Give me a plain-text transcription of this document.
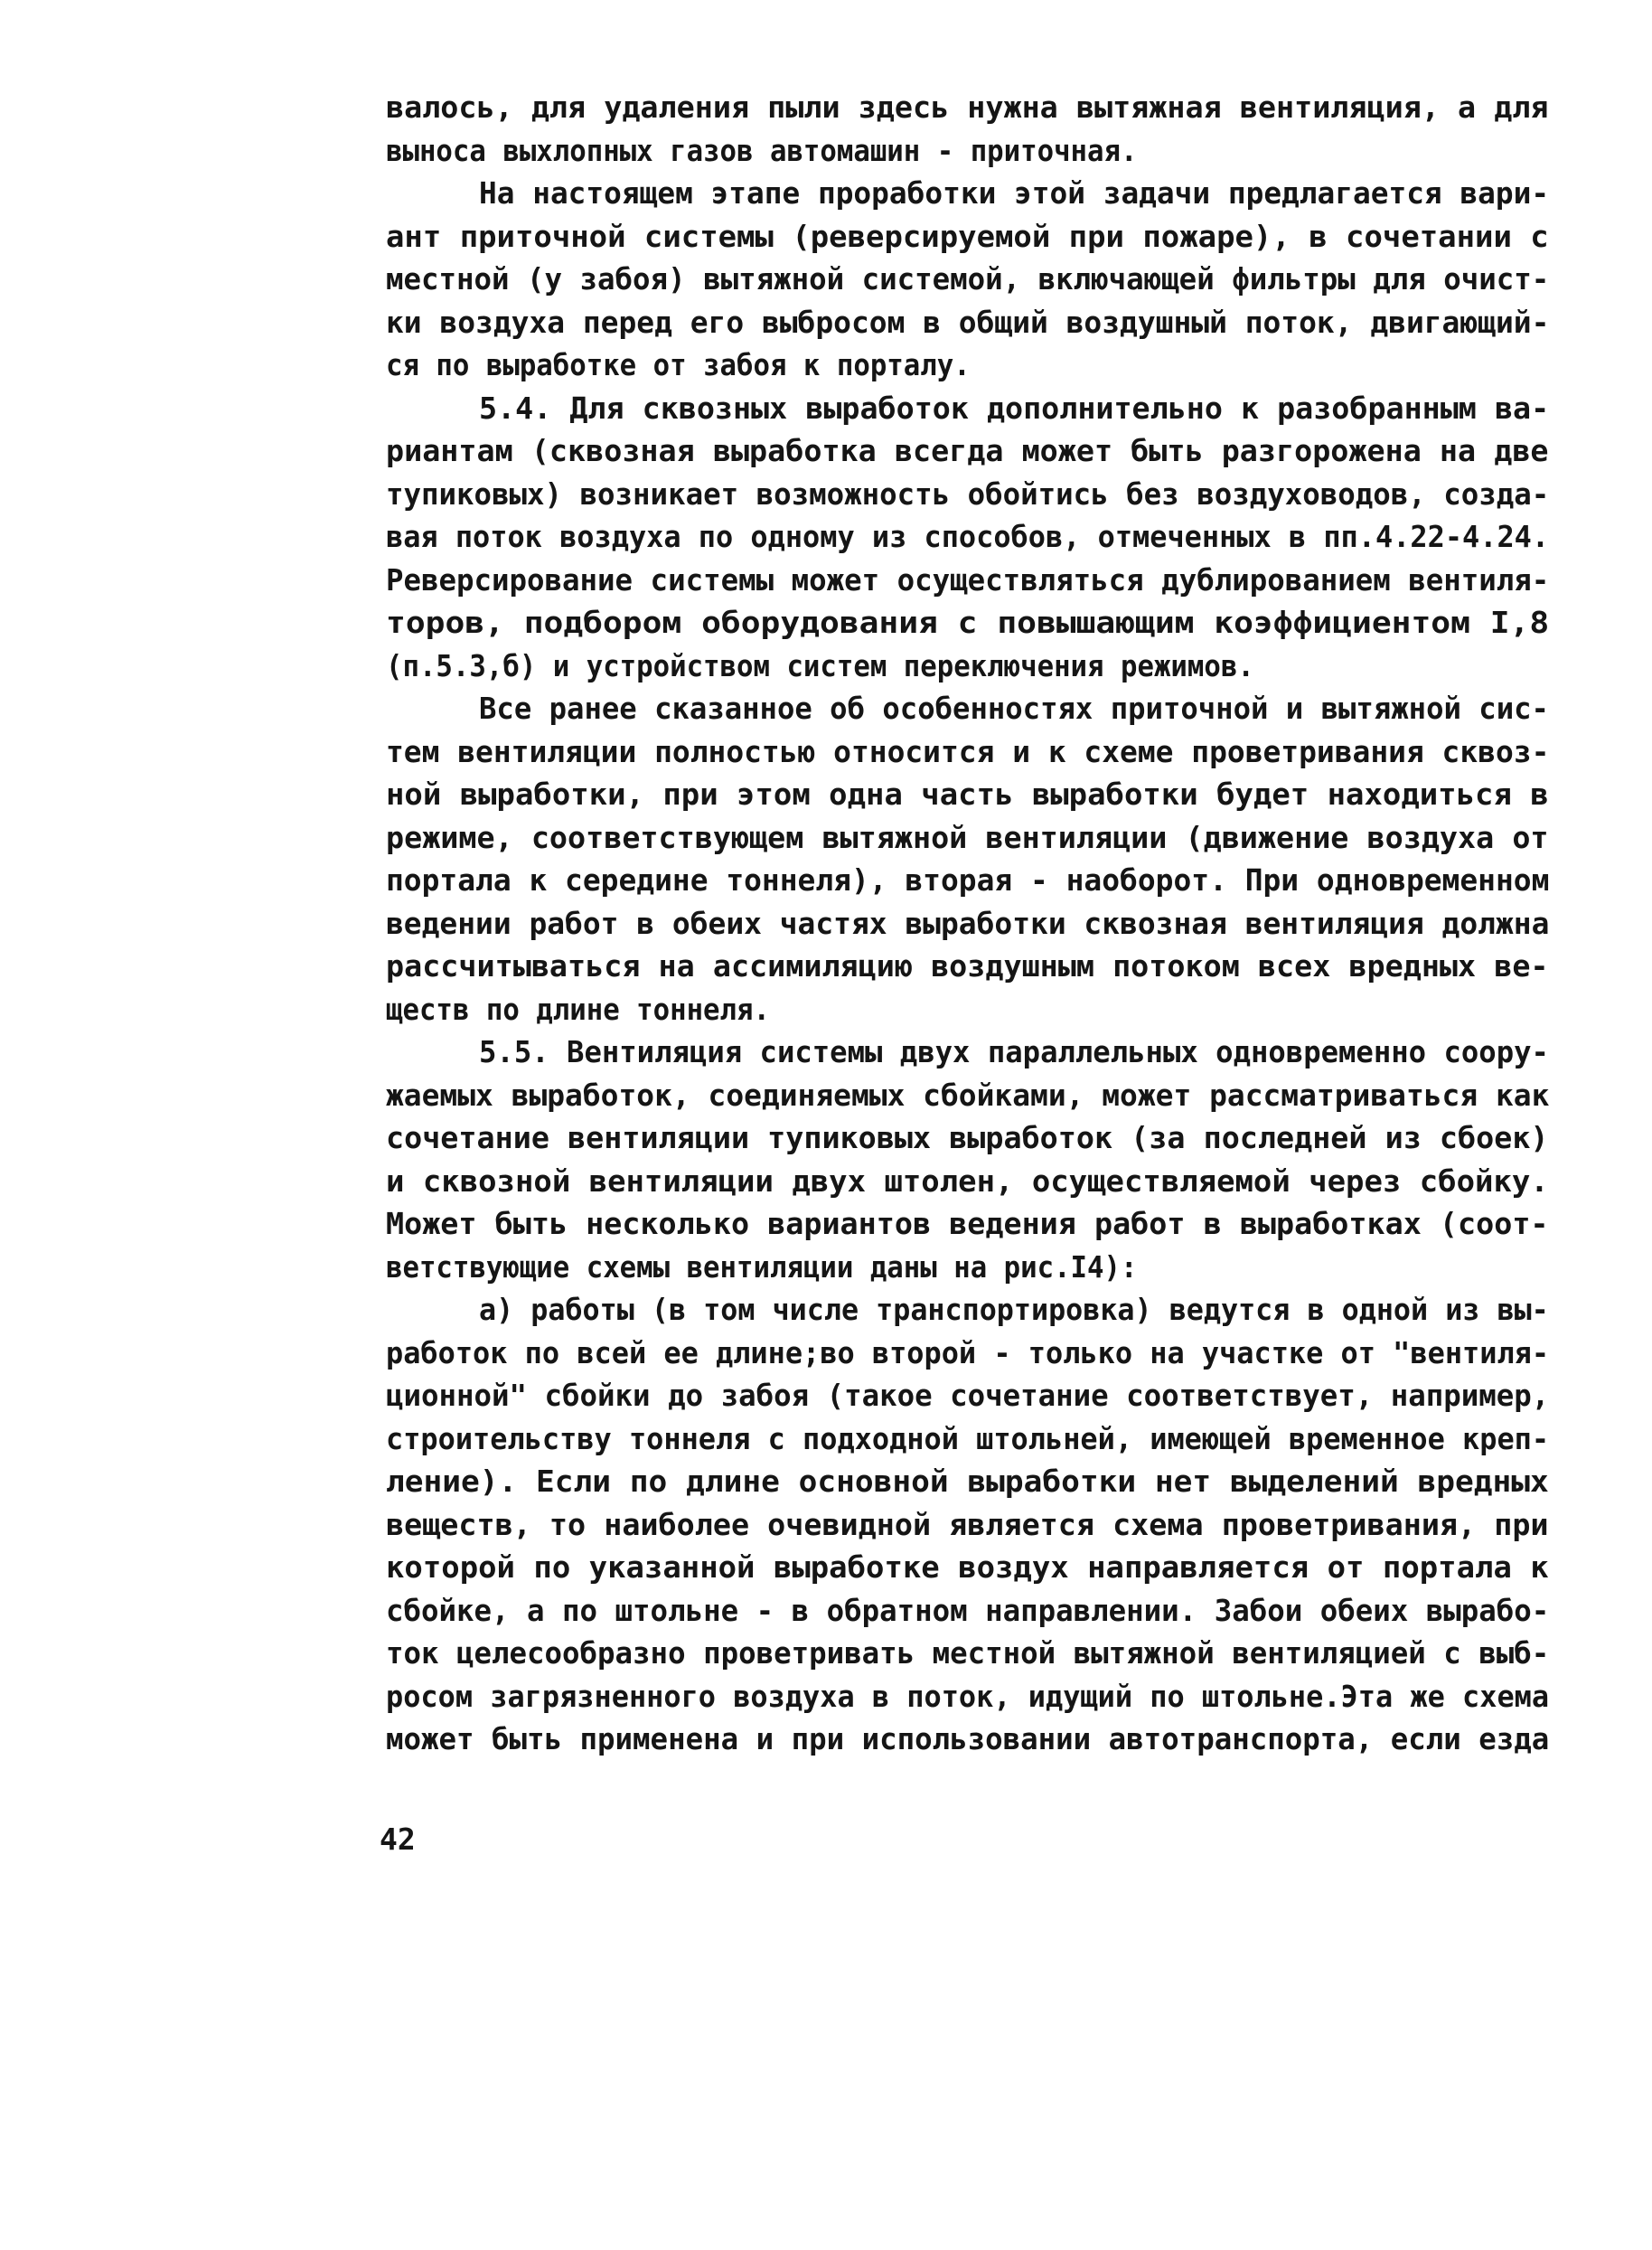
валось, для удаления пыли здесь нужна вытяжная вентиляция, а для
выноса выхлопных газов автомашин - приточная.
На настоящем этапе проработки этой задачи предлагается вари-
ант приточной системы (реверсируемой при пожаре), в сочетании с
местной (у забоя) вытяжной системой, включающей фильтры для очист-
ки воздуха перед его выбросом в общий воздушный поток, двигающий-
ся по выработке от забоя к порталу.
5.4. Для сквозных выработок дополнительно к разобранным ва-
риантам (сквозная выработка всегда может быть разгорожена на две
тупиковых) возникает возможность обойтись без воздуховодов, созда-
вая поток воздуха по одному из способов, отмеченных в пп.4.22-4.24.
Реверсирование системы может осуществляться дублированием вентиля-
торов, подбором оборудования с повышающим коэффициентом I,8
(п.5.3,б) и устройством систем переключения режимов.
Все ранее сказанное об особенностях приточной и вытяжной сис-
тем вентиляции полностью относится и к схеме проветривания сквоз-
ной выработки, при этом одна часть выработки будет находиться в
режиме, соответствующем вытяжной вентиляции (движение воздуха от
портала к середине тоннеля), вторая - наоборот. При одновременном
ведении работ в обеих частях выработки сквозная вентиляция должна
рассчитываться на ассимиляцию воздушным потоком всех вредных ве-
ществ по длине тоннеля.
5.5. Вентиляция системы двух параллельных одновременно соору-
жаемых выработок, соединяемых сбойками, может рассматриваться как
сочетание вентиляции тупиковых выработок (за последней из сбоек)
и сквозной вентиляции двух штолен, осуществляемой через сбойку.
Может быть несколько вариантов ведения работ в выработках (соот-
ветствующие схемы вентиляции даны на рис.I4):
а) работы (в том числе транспортировка) ведутся в одной из вы-
работок по всей ее длине;во второй - только на участке от "вентиля-
ционной" сбойки до забоя (такое сочетание соответствует, например,
строительству тоннеля с подходной штольней, имеющей временное креп-
ление). Если по длине основной выработки нет выделений вредных
веществ, то наиболее очевидной является схема проветривания, при
которой по указанной выработке воздух направляется от портала к
сбойке, а по штольне - в обратном направлении. Забои обеих вырабо-
ток целесообразно проветривать местной вытяжной вентиляцией с выб-
росом загрязненного воздуха в поток, идущий по штольне.Эта же схема
может быть применена и при использовании автотранспорта, если езда
42
